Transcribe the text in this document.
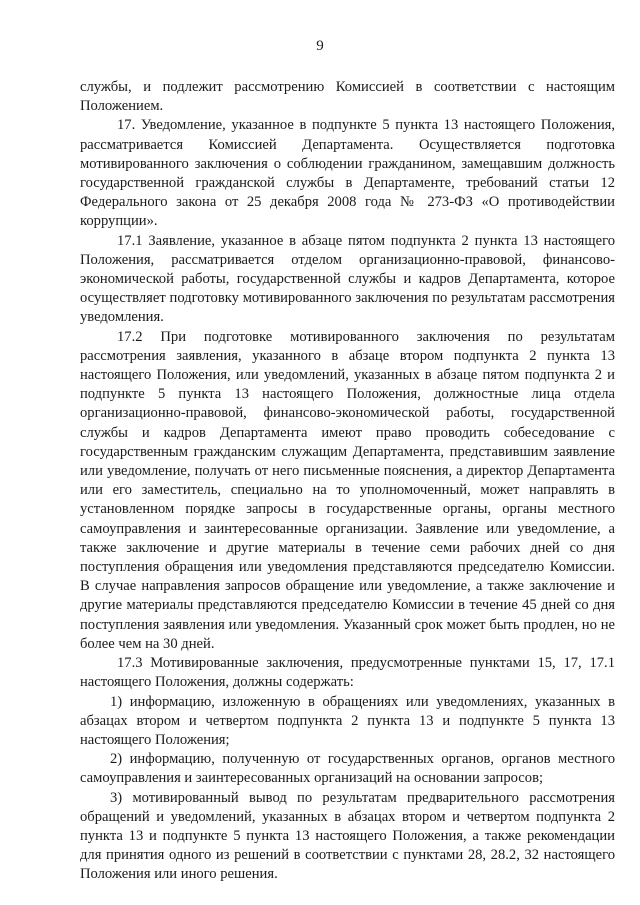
9

службы, и подлежит рассмотрению Комиссией в соответствии с настоящим Положением.

17. Уведомление, указанное в подпункте 5 пункта 13 настоящего Положения, рассматривается Комиссией Департамента. Осуществляется подготовка мотивированного заключения о соблюдении гражданином, замещавшим должность государственной гражданской службы в Департаменте, требований статьи 12 Федерального закона от 25 декабря 2008 года № 273-ФЗ «О противодействии коррупции».

17.1 Заявление, указанное в абзаце пятом подпункта 2 пункта 13 настоящего Положения, рассматривается отделом организационно-правовой, финансово-экономической работы, государственной службы и кадров Департамента, которое осуществляет подготовку мотивированного заключения по результатам рассмотрения уведомления.

17.2 При подготовке мотивированного заключения по результатам рассмотрения заявления, указанного в абзаце втором подпункта 2 пункта 13 настоящего Положения, или уведомлений, указанных в абзаце пятом подпункта 2 и подпункте 5 пункта 13 настоящего Положения, должностные лица отдела организационно-правовой, финансово-экономической работы, государственной службы и кадров Департамента имеют право проводить собеседование с государственным гражданским служащим Департамента, представившим заявление или уведомление, получать от него письменные пояснения, а директор Департамента или его заместитель, специально на то уполномоченный, может направлять в установленном порядке запросы в государственные органы, органы местного самоуправления и заинтересованные организации. Заявление или уведомление, а также заключение и другие материалы в течение семи рабочих дней со дня поступления обращения или уведомления представляются председателю Комиссии. В случае направления запросов обращение или уведомление, а также заключение и другие материалы представляются председателю Комиссии в течение 45 дней со дня поступления заявления или уведомления. Указанный срок может быть продлен, но не более чем на 30 дней.

17.3 Мотивированные заключения, предусмотренные пунктами 15, 17, 17.1 настоящего Положения, должны содержать:

1) информацию, изложенную в обращениях или уведомлениях, указанных в абзацах втором и четвертом подпункта 2 пункта 13 и подпункте 5 пункта 13 настоящего Положения;

2) информацию, полученную от государственных органов, органов местного самоуправления и заинтересованных организаций на основании запросов;

3) мотивированный вывод по результатам предварительного рассмотрения обращений и уведомлений, указанных в абзацах втором и четвертом подпункта 2 пункта 13 и подпункте 5 пункта 13 настоящего Положения, а также рекомендации для принятия одного из решений в соответствии с пунктами 28, 28.2, 32 настоящего Положения или иного решения.
